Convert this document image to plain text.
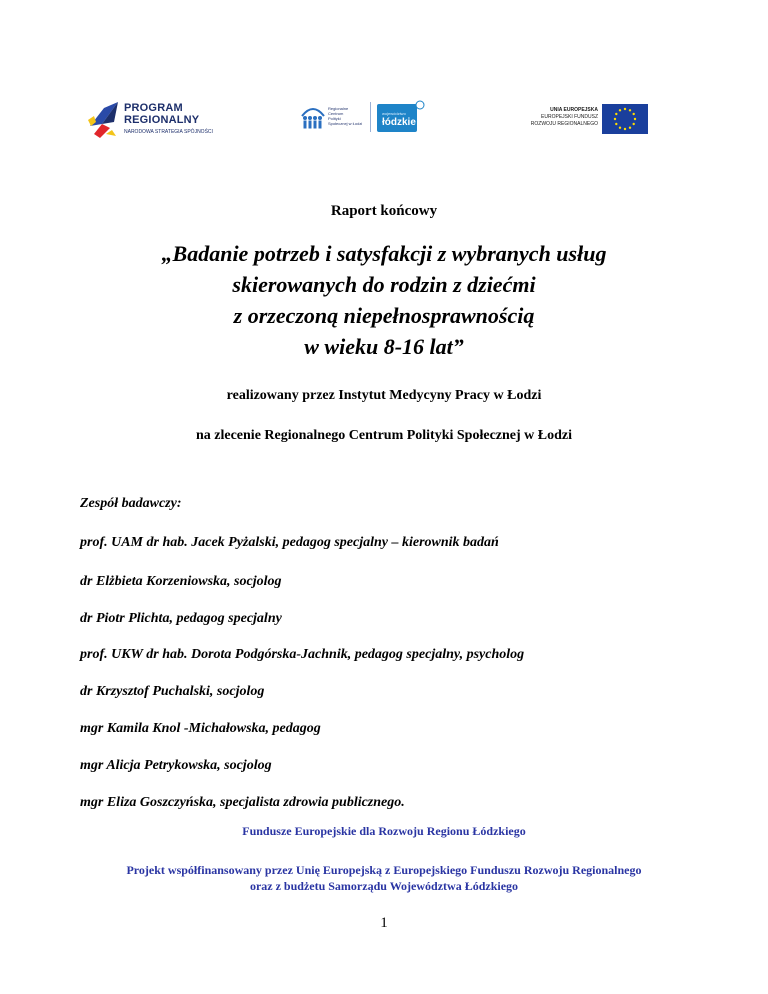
PROGRAM
REGIONALNY
NARODOWA STRATEGIA SPÓJNOŚCI
Regionalne
Centrum
Polityki
Społecznej w Łodzi
województwo
łódzkie
UNIA EUROPEJSKA
EUROPEJSKI FUNDUSZ
ROZWOJU REGIONALNEGO
Raport końcowy
„Badanie potrzeb i satysfakcji z wybranych usług
skierowanych do rodzin z dziećmi
z orzeczoną niepełnosprawnością
w wieku 8-16 lat”
realizowany przez Instytut Medycyny Pracy w Łodzi
na zlecenie Regionalnego Centrum Polityki Społecznej w Łodzi
Zespół badawczy:
prof. UAM dr hab. Jacek Pyżalski, pedagog specjalny – kierownik badań
dr Elżbieta Korzeniowska, socjolog
dr Piotr Plichta, pedagog specjalny
prof. UKW dr hab. Dorota Podgórska-Jachnik, pedagog specjalny, psycholog
dr Krzysztof Puchalski, socjolog
mgr Kamila Knol -Michałowska, pedagog
mgr Alicja Petrykowska, socjolog
mgr Eliza Goszczyńska, specjalista zdrowia publicznego.
Fundusze Europejskie dla Rozwoju Regionu Łódzkiego
Projekt współfinansowany przez Unię Europejską z Europejskiego Funduszu Rozwoju Regionalnego
oraz z budżetu Samorządu Województwa Łódzkiego
1
